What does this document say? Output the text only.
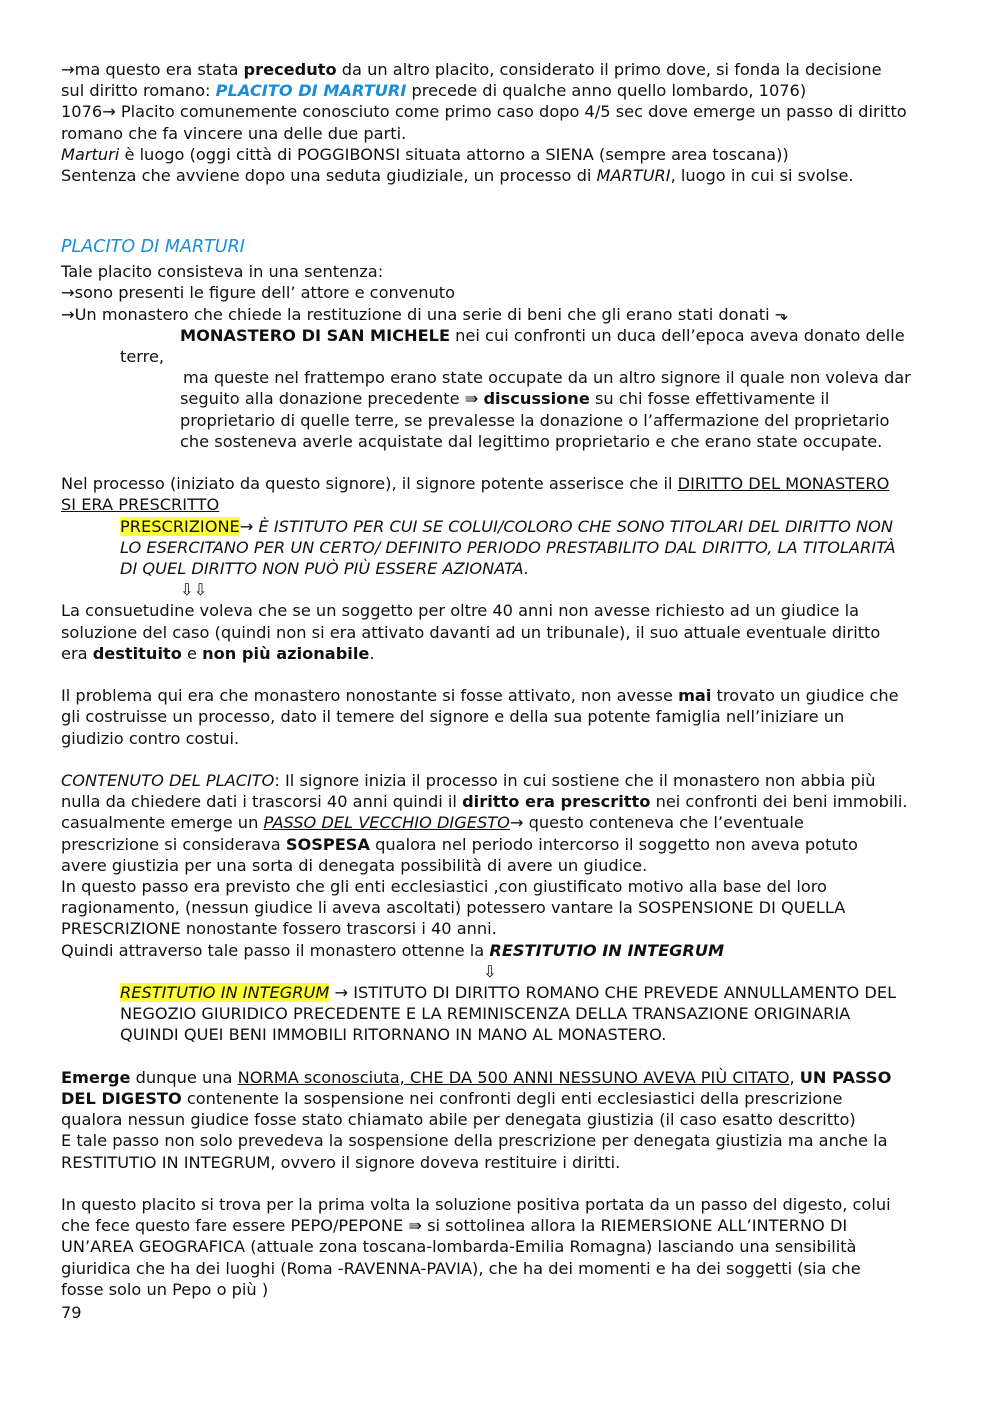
→ma questo era stata preceduto da un altro placito, considerato il primo dove, si fonda la decisione
sul diritto romano: PLACITO DI MARTURI precede di qualche anno quello lombardo, 1076)
1076→ Placito comunemente conosciuto come primo caso dopo 4/5 sec dove emerge un passo di diritto
romano che fa vincere una delle due parti.
Marturi è luogo (oggi città di POGGIBONSI situata attorno a SIENA (sempre area toscana))
Sentenza che avviene dopo una seduta giudiziale, un processo di MARTURI, luogo in cui si svolse.
PLACITO DI MARTURI
Tale placito consisteva in una sentenza:
→sono presenti le figure dell’ attore e convenuto
→Un monastero che chiede la restituzione di una serie di beni che gli erano stati donati ⬎
MONASTERO DI SAN MICHELE nei cui confronti un duca dell’epoca aveva donato delle
terre,
ma queste nel frattempo erano state occupate da un altro signore il quale non voleva dar
seguito alla donazione precedente ⇛ discussione su chi fosse effettivamente il
proprietario di quelle terre, se prevalesse la donazione o l’affermazione del proprietario
che sosteneva averle acquistate dal legittimo proprietario e che erano state occupate.
Nel processo (iniziato da questo signore), il signore potente asserisce che il DIRITTO DEL MONASTERO
SI ERA PRESCRITTO
PRESCRIZIONE→ È ISTITUTO PER CUI SE COLUI/COLORO CHE SONO TITOLARI DEL DIRITTO NON
LO ESERCITANO PER UN CERTO/ DEFINITO PERIODO PRESTABILITO DAL DIRITTO, LA TITOLARITÀ
DI QUEL DIRITTO NON PUÒ PIÙ ESSERE AZIONATA.
⇩⇩
La consuetudine voleva che se un soggetto per oltre 40 anni non avesse richiesto ad un giudice la
soluzione del caso (quindi non si era attivato davanti ad un tribunale), il suo attuale eventuale diritto
era destituito e non più azionabile.
Il problema qui era che monastero nonostante si fosse attivato, non avesse mai trovato un giudice che
gli costruisse un processo, dato il temere del signore e della sua potente famiglia nell’iniziare un
giudizio contro costui.
CONTENUTO DEL PLACITO: Il signore inizia il processo in cui sostiene che il monastero non abbia più
nulla da chiedere dati i trascorsi 40 anni quindi il diritto era prescritto nei confronti dei beni immobili.
casualmente emerge un PASSO DEL VECCHIO DIGESTO→ questo conteneva che l’eventuale
prescrizione si considerava SOSPESA qualora nel periodo intercorso il soggetto non aveva potuto
avere giustizia per una sorta di denegata possibilità di avere un giudice.
In questo passo era previsto che gli enti ecclesiastici ,con giustificato motivo alla base del loro
ragionamento, (nessun giudice li aveva ascoltati) potessero vantare la SOSPENSIONE DI QUELLA
PRESCRIZIONE nonostante fossero trascorsi i 40 anni.
Quindi attraverso tale passo il monastero ottenne la RESTITUTIO IN INTEGRUM
⇩
RESTITUTIO IN INTEGRUM → ISTITUTO DI DIRITTO ROMANO CHE PREVEDE ANNULLAMENTO DEL
NEGOZIO GIURIDICO PRECEDENTE E LA REMINISCENZA DELLA TRANSAZIONE ORIGINARIA
QUINDI QUEI BENI IMMOBILI RITORNANO IN MANO AL MONASTERO.
Emerge dunque una NORMA sconosciuta, CHE DA 500 ANNI NESSUNO AVEVA PIÙ CITATO, UN PASSO
DEL DIGESTO contenente la sospensione nei confronti degli enti ecclesiastici della prescrizione
qualora nessun giudice fosse stato chiamato abile per denegata giustizia (il caso esatto descritto)
E tale passo non solo prevedeva la sospensione della prescrizione per denegata giustizia ma anche la
RESTITUTIO IN INTEGRUM, ovvero il signore doveva restituire i diritti.
In questo placito si trova per la prima volta la soluzione positiva portata da un passo del digesto, colui
che fece questo fare essere PEPO/PEPONE ⇛ si sottolinea allora la RIEMERSIONE ALL’INTERNO DI
UN’AREA GEOGRAFICA (attuale zona toscana-lombarda-Emilia Romagna) lasciando una sensibilità
giuridica che ha dei luoghi (Roma -RAVENNA-PAVIA), che ha dei momenti e ha dei soggetti (sia che
fosse solo un Pepo o più )
79
